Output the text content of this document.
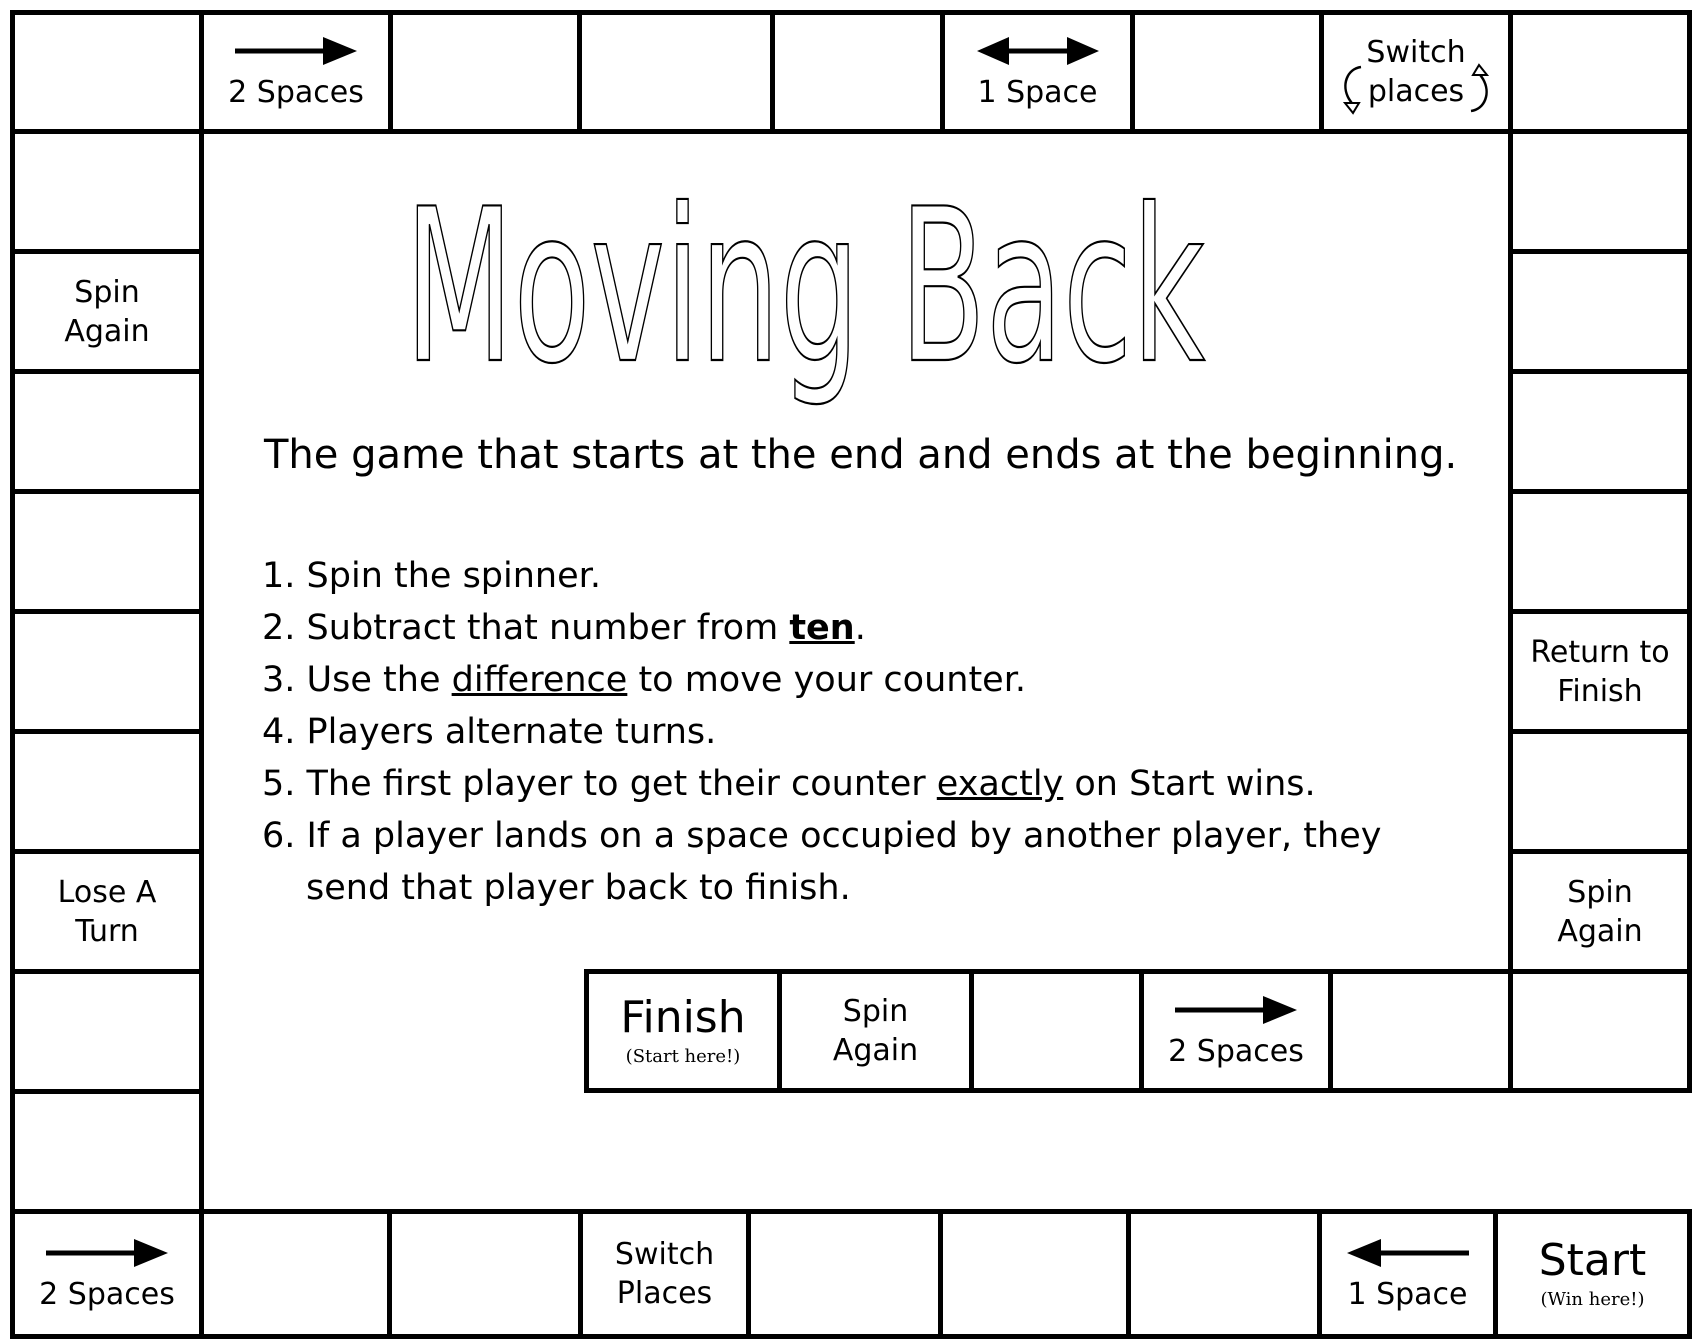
Moving Back
The game that starts at the end and ends at the beginning.
1. Spin the spinner.
2. Subtract that number from ten.
3. Use the difference to move your counter.
4. Players alternate turns.
5. The first player to get their counter exactly on Start wins.
6. If a player lands on a space occupied by another player, they
send that player back to finish.
2 Spaces	1 Space
Switch
places
Spin
Again
Lose A
Turn
Return to
Finish
Spin
Again
Finish
(Start here!)
Spin
Again	2 Spaces
2 Spaces
Switch
Places	1 Space
Start
(Win here!)
